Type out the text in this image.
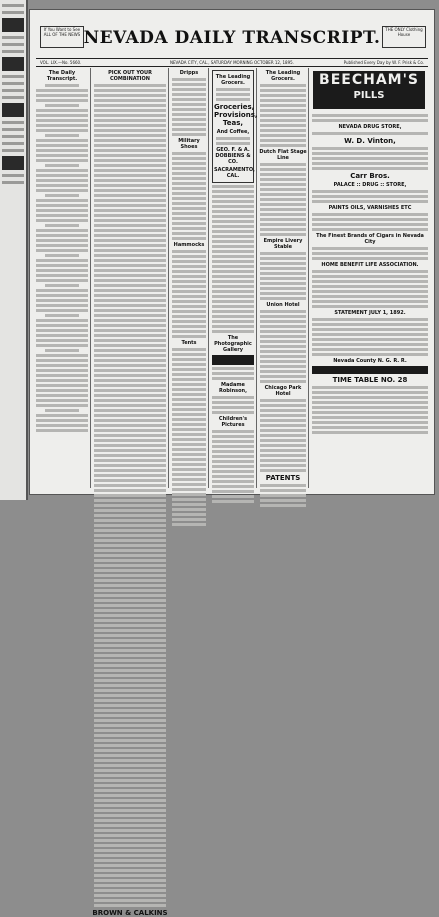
If You Want to See ALL OF THE NEWS NEVADA DAILY TRANSCRIPT.	THE ONLY Clothing House
VOL. LIX.—No. 5660.	NEVADA CITY, CAL., SATURDAY MORNING OCTOBER 12, 1895.	Published Every Day by W. F. Prisk & Co.
The Daily Transcript.
PICK OUT YOUR COMBINATION
BROWN & CALKINS
Dripps
Military Shoes
Hammocks
Tents
The Leading Grocers.
Groceries, Provisions, Teas,
And Coffee,
GEO. F. & A. DOBBIENS & CO.
SACRAMENTO, CAL.
The Photographic Gallery
Madame Robinson,
Children's Pictures
The Leading Grocers.
Dutch Flat Stage Line
Empire Livery Stable
Union Hotel
Chicago Park Hotel
PATENTS
BEECHAM'S
PILLS
NEVADA DRUG STORE,
W. D. Vinton,
Carr Bros.
PALACE :: DRUG :: STORE,
PAINTS OILS, VARNISHES ETC
The Finest Brands of Cigars in Nevada City
HOME BENEFIT LIFE ASSOCIATION.
STATEMENT JULY 1, 1892.
Nevada County N. G. R. R.
TIME TABLE NO. 28
